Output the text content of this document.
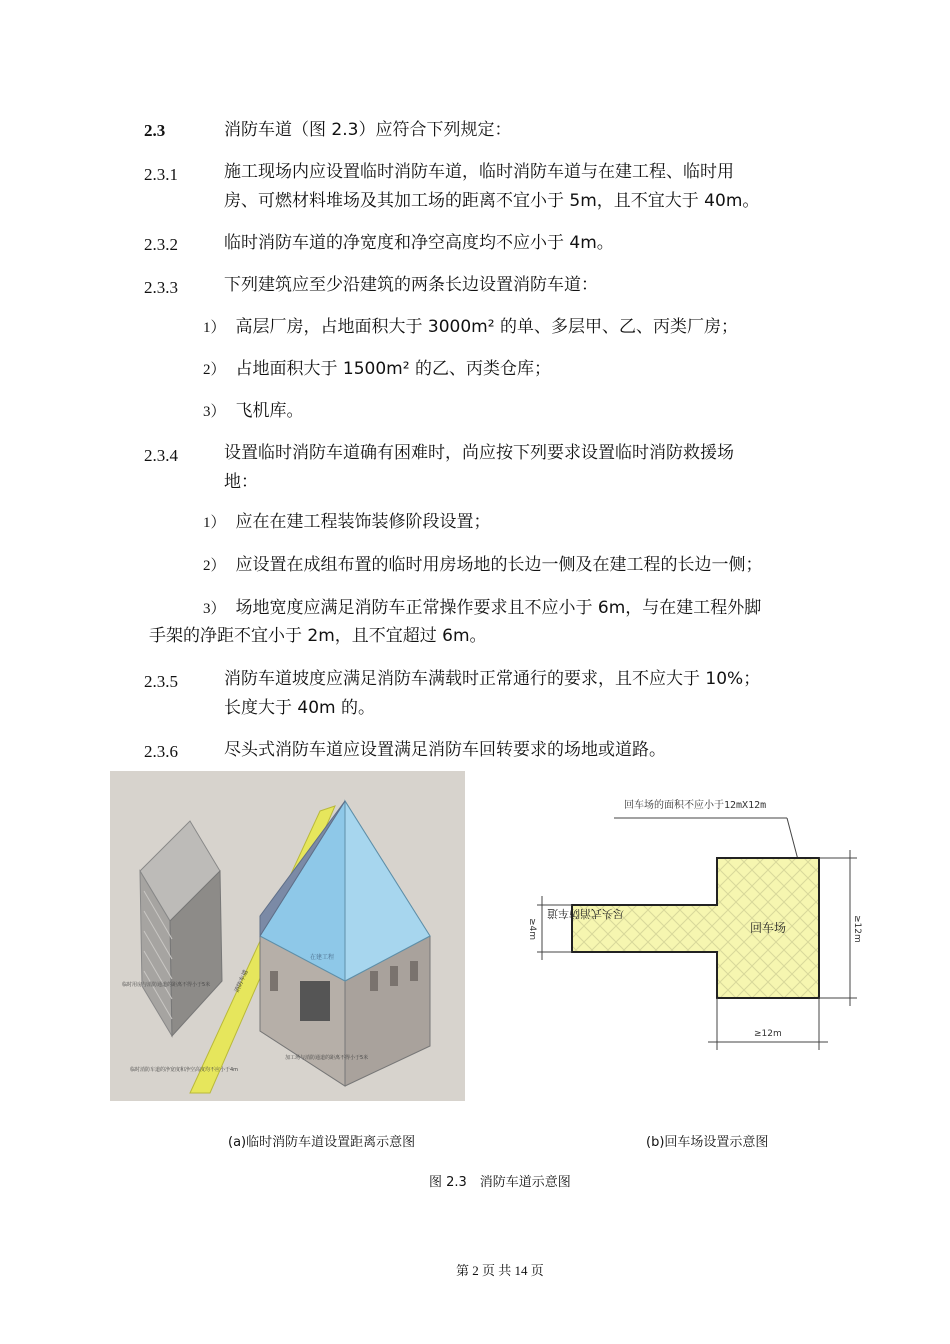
2.3	消防车道（图 2.3）应符合下列规定：
2.3.1	施工现场内应设置临时消防车道，临时消防车道与在建工程、临时用
房、可燃材料堆场及其加工场的距离不宜小于 5m，且不宜大于 40m。
2.3.2	临时消防车道的净宽度和净空高度均不应小于 4m。
2.3.3	下列建筑应至少沿建筑的两条长边设置消防车道：
1） 高层厂房，占地面积大于 3000m² 的单、多层甲、乙、丙类厂房；
2） 占地面积大于 1500m² 的乙、丙类仓库；
3） 飞机库。
2.3.4	设置临时消防车道确有困难时，尚应按下列要求设置临时消防救援场
地：
1） 应在在建工程装饰装修阶段设置；
2） 应设置在成组布置的临时用房场地的长边一侧及在建工程的长边一侧；
3） 场地宽度应满足消防车正常操作要求且不应小于 6m，与在建工程外脚
手架的净距不宜小于 2m，且不宜超过 6m。
2.3.5	消防车道坡度应满足消防车满载时正常通行的要求，且不应大于 10%；
长度大于 40m 的。
2.3.6	尽头式消防车道应设置满足消防车回转要求的场地或道路。
临时用房与消防通道的距离不得小于5米
加工场与消防通道的距离不得小于5米
临时消防车道的净宽度和净空高度均不应小于4m
消防车道
在建工程
回车场的面积不应小于12mX12m
回车场
尽头式消防车道
≥4m	≥12m
≥12m
(a)临时消防车道设置距离示意图	(b)回车场设置示意图
图 2.3　消防车道示意图
第 2 页 共 14 页
